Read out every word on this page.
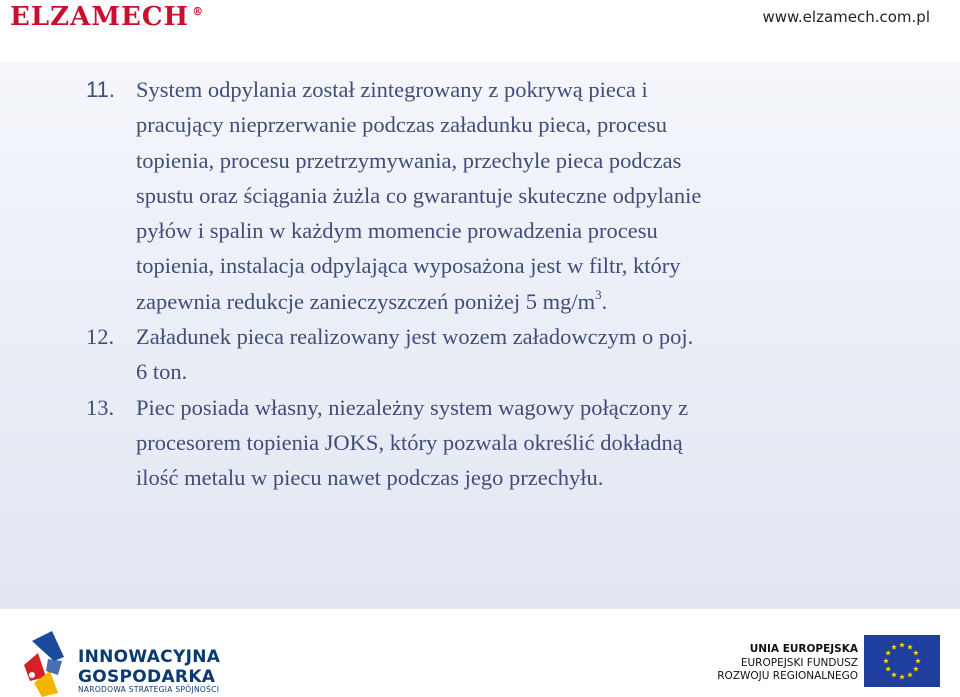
ELZAMECH ®	www.elzamech.com.pl
11. System odpylania został zintegrowany z pokrywą pieca i
pracujący nieprzerwanie podczas załadunku pieca, procesu
topienia, procesu przetrzymywania, przechyle pieca podczas
spustu oraz ściągania żużla co gwarantuje skuteczne odpylanie
pyłów i spalin w każdym momencie prowadzenia procesu
topienia, instalacja odpylająca wyposażona jest w filtr, który
zapewnia redukcje zanieczyszczeń poniżej 5 $mg/m^3$.
12. Załadunek pieca realizowany jest wozem załadowczym o poj.
6 ton.
13. Piec posiada własny, niezależny system wagowy połączony z
procesorem topienia JOKS, który pozwala określić dokładną
ilość metalu w piecu nawet podczas jego przechyłu.
INNOWACYJNA
GOSPODARKA
NARODOWA STRATEGIA SPÓJNOŚCI
UNIA EUROPEJSKA
EUROPEJSKI FUNDUSZ
ROZWOJU REGIONALNEGO
